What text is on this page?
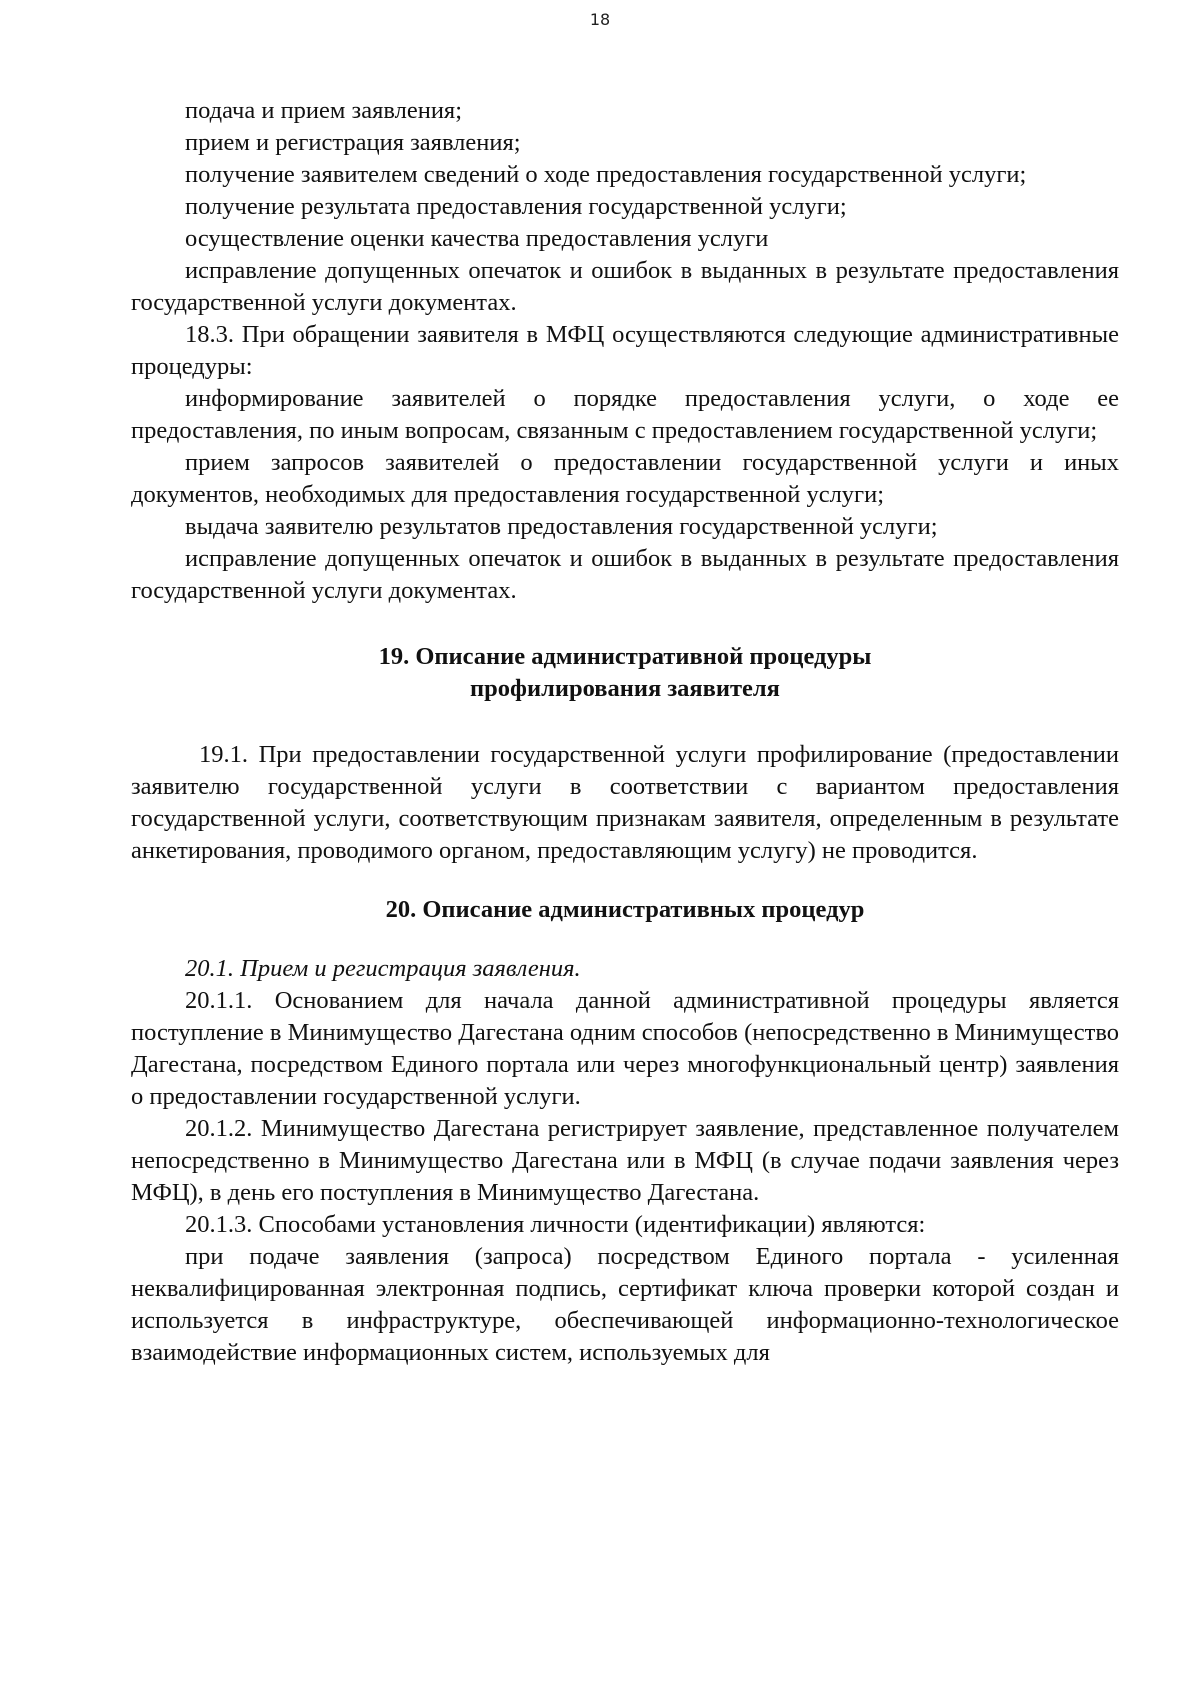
18

подача и прием заявления;

прием и регистрация заявления;

получение заявителем сведений о ходе предоставления государственной услуги;

получение результата предоставления государственной услуги;

осуществление оценки качества предоставления услуги

исправление допущенных опечаток и ошибок в выданных в результате предоставления государственной услуги документах.

18.3. При обращении заявителя в МФЦ осуществляются следующие административные процедуры:

информирование заявителей о порядке предоставления услуги, о ходе ее предоставления, по иным вопросам, связанным с предоставлением государственной услуги;

прием запросов заявителей о предоставлении государственной услуги и иных документов, необходимых для предоставления государственной услуги;

выдача заявителю результатов предоставления государственной услуги;

исправление допущенных опечаток и ошибок в выданных в результате предоставления государственной услуги документах.

19. Описание административной процедуры

профилирования заявителя

19.1. При предоставлении государственной услуги профилирование (предоставлении заявителю государственной услуги в соответствии с вариантом предоставления государственной услуги, соответствующим признакам заявителя, определенным в результате анкетирования, проводимого органом, предоставляющим услугу) не проводится.

20. Описание административных процедур

20.1. Прием и регистрация заявления.

20.1.1. Основанием для начала данной административной процедуры является поступление в Минимущество Дагестана одним способов (непосредственно в Минимущество Дагестана, посредством Единого портала или через многофункциональный центр) заявления о предоставлении государственной услуги.

20.1.2. Минимущество Дагестана регистрирует заявление, представленное получателем непосредственно в Минимущество Дагестана или в МФЦ (в случае подачи заявления через МФЦ), в день его поступления в Минимущество Дагестана.

20.1.3. Способами установления личности (идентификации) являются:

при подаче заявления (запроса) посредством Единого портала - усиленная неквалифицированная электронная подпись, сертификат ключа проверки которой создан и используется в инфраструктуре, обеспечивающей информационно-технологическое взаимодействие информационных систем, используемых для
